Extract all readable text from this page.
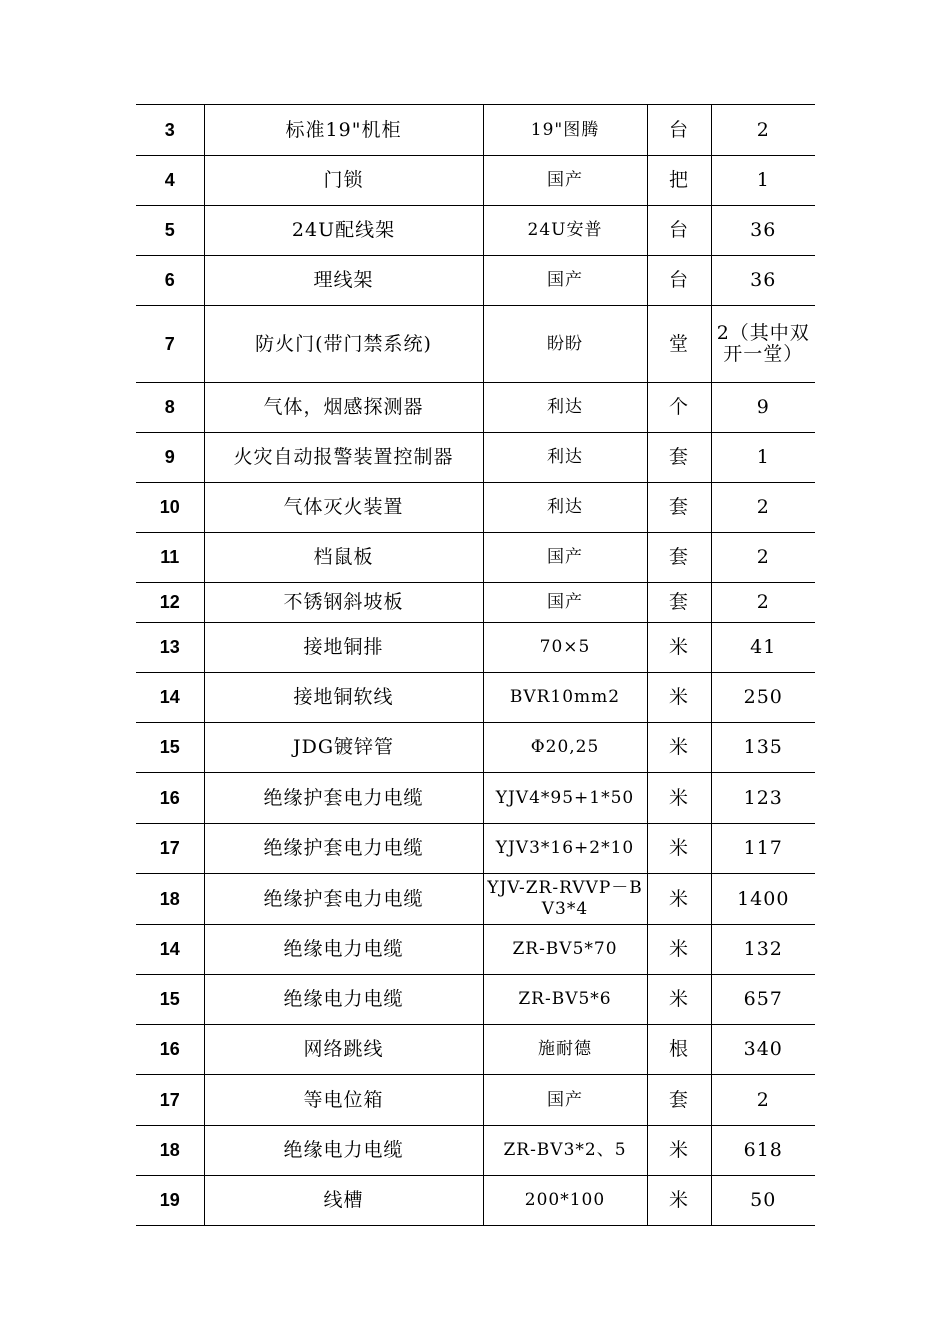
3	标准19"机柜	19"图腾	台	2
4	门锁	国产	把	1
5	24U配线架	24U安普	台	36
6	理线架	国产	台	36
7	防火门(带门禁系统)	盼盼	堂	2（其中双开一堂）
8	气体，烟感探测器	利达	个	9
9	火灾自动报警装置控制器	利达	套	1
10	气体灭火装置	利达	套	2
11	档鼠板	国产	套	2
12	不锈钢斜坡板	国产	套	2
13	接地铜排	70×5	米	41
14	接地铜软线	BVR10mm2	米	250
15	JDG镀锌管	Φ20,25	米	135
16	绝缘护套电力电缆	YJV4*95+1*50	米	123
17	绝缘护套电力电缆	YJV3*16+2*10	米	117
18	绝缘护套电力电缆	YJV-ZR-RVVP－BV3*4	米	1400
14	绝缘电力电缆	ZR-BV5*70	米	132
15	绝缘电力电缆	ZR-BV5*6	米	657
16	网络跳线	施耐德	根	340
17	等电位箱	国产	套	2
18	绝缘电力电缆	ZR-BV3*2、5	米	618
19	线槽	200*100	米	50
